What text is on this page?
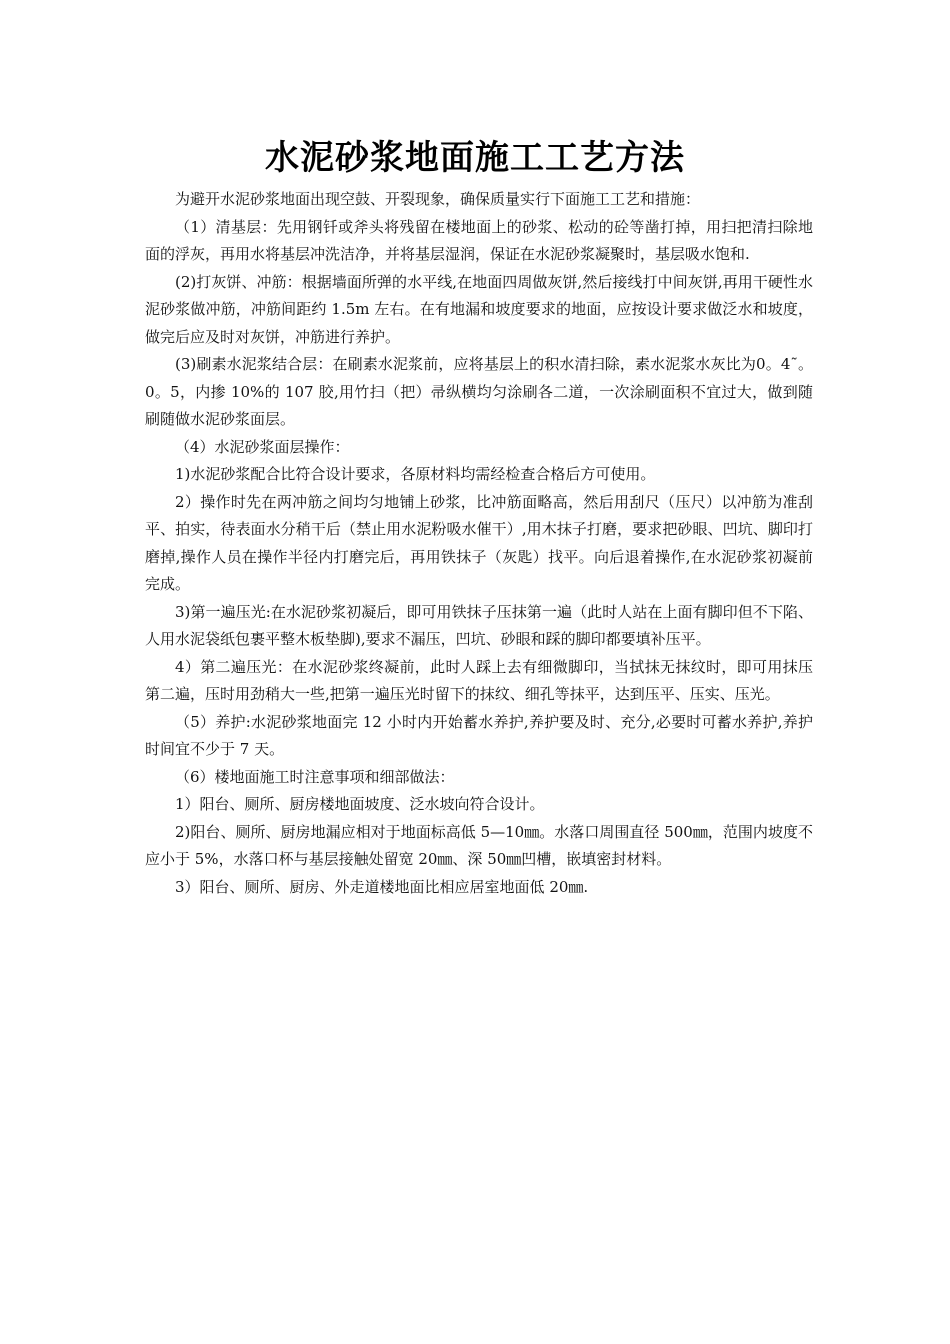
水泥砂浆地面施工工艺方法

为避开水泥砂浆地面出现空鼓、开裂现象，确保质量实行下面施工工艺和措施：

（1）清基层：先用钢钎或斧头将残留在楼地面上的砂浆、松动的砼等凿打掉，用扫把清扫除地面的浮灰，再用水将基层冲洗洁净，并将基层湿润，保证在水泥砂浆凝聚时，基层吸水饱和.

(2)打灰饼、冲筋：根据墙面所弹的水平线,在地面四周做灰饼,然后接线打中间灰饼,再用干硬性水泥砂浆做冲筋，冲筋间距约 1.5m 左右。在有地漏和坡度要求的地面，应按设计要求做泛水和坡度，做完后应及时对灰饼，冲筋进行养护。

(3)刷素水泥浆结合层：在刷素水泥浆前，应将基层上的积水清扫除，素水泥浆水灰比为0。4˜。0。5，内掺 10%的 107 胶,用竹扫（把）帚纵横均匀涂刷各二道，一次涂刷面积不宜过大，做到随刷随做水泥砂浆面层。

（4）水泥砂浆面层操作：

1)水泥砂浆配合比符合设计要求，各原材料均需经检查合格后方可使用。

2）操作时先在两冲筋之间均匀地铺上砂浆，比冲筋面略高，然后用刮尺（压尺）以冲筋为准刮平、拍实，待表面水分稍干后（禁止用水泥粉吸水催干）,用木抹子打磨，要求把砂眼、凹坑、脚印打磨掉,操作人员在操作半径内打磨完后，再用铁抹子（灰匙）找平。向后退着操作,在水泥砂浆初凝前完成。

3)第一遍压光:在水泥砂浆初凝后，即可用铁抹子压抹第一遍（此时人站在上面有脚印但不下陷、人用水泥袋纸包裹平整木板垫脚),要求不漏压，凹坑、砂眼和踩的脚印都要填补压平。

4）第二遍压光：在水泥砂浆终凝前，此时人踩上去有细微脚印，当拭抹无抹纹时，即可用抹压第二遍，压时用劲稍大一些,把第一遍压光时留下的抹纹、细孔等抹平，达到压平、压实、压光。

（5）养护:水泥砂浆地面完 12 小时内开始蓄水养护,养护要及时、充分,必要时可蓄水养护,养护时间宜不少于 7 天。

（6）楼地面施工时注意事项和细部做法：

1）阳台、厕所、厨房楼地面坡度、泛水坡向符合设计。

2)阳台、厕所、厨房地漏应相对于地面标高低 5—10㎜。水落口周围直径 500㎜，范围内坡度不应小于 5%，水落口杯与基层接触处留宽 20㎜、深 50㎜凹槽，嵌填密封材料。

3）阳台、厕所、厨房、外走道楼地面比相应居室地面低 20㎜.
